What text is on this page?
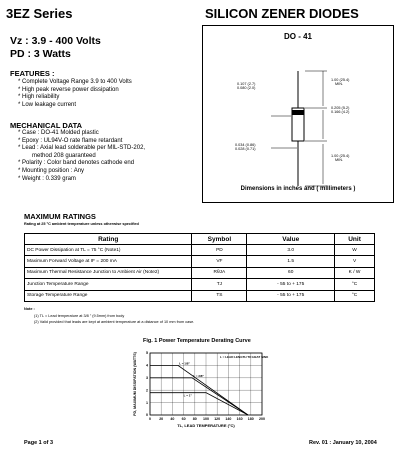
3EZ Series	SILICON ZENER DIODES
Vz : 3.9 - 400 Volts
PD : 3 Watts
FEATURES :
* Complete Voltage Range 3.9 to 400 Volts
* High peak reverse power dissipation
* High reliability
* Low leakage current
MECHANICAL DATA
* Case : DO-41 Molded plastic
* Epoxy : UL94V-O rate flame retardant
* Lead : Axial lead solderable per MIL-STD-202,
method 208 guaranteed
* Polarity : Color band denotes cathode end
* Mounting position : Any
* Weight : 0.339 gram
DO - 41
1.00 (25.4)
MIN.
0.107 (2.7)
0.080 (2.0)
0.205 (5.2)
0.166 (4.2)
0.034 (0.86)
0.028 (0.71)
1.00 (25.4)
MIN.
Dimensions in inches and ( millimeters )
MAXIMUM RATINGS
Rating at 25 °C ambient temperature unless otherwise specified
Rating	Symbol	Value	Unit
DC Power Dissipation at TL = 75 °C (Note1)	PD	3.0	W
Maximum Forward Voltage at IF = 200 mA	VF	1.5	V
Maximum Thermal Resistance Junction to Ambient Air (Note2)	RθJA	60	K / W
Junction Temperature Range	TJ	- 55 to + 175	°C
Storage Temperature Range	TS	- 55 to + 175	°C
Note :
(1) TL = Lead temperature at 3/8 " (9.5mm) from body
(2) Valid provided that leads are kept at ambient temperature at a distance of 10 mm from case.
Fig. 1 Power Temperature Derating Curve
0 20 40 60 80 100 120 140 160 180 200
0
1
2
3
4
5
L = 1/8"
L = 3/8"
L = 1"
L = LEAD LENGTH TO HEAT SINK
TL, LEAD TEMPERATURE (°C)
PD, MAXIMUM DISSIPATION (WATTS)
Page 1 of 3	Rev. 01 : January 10, 2004
